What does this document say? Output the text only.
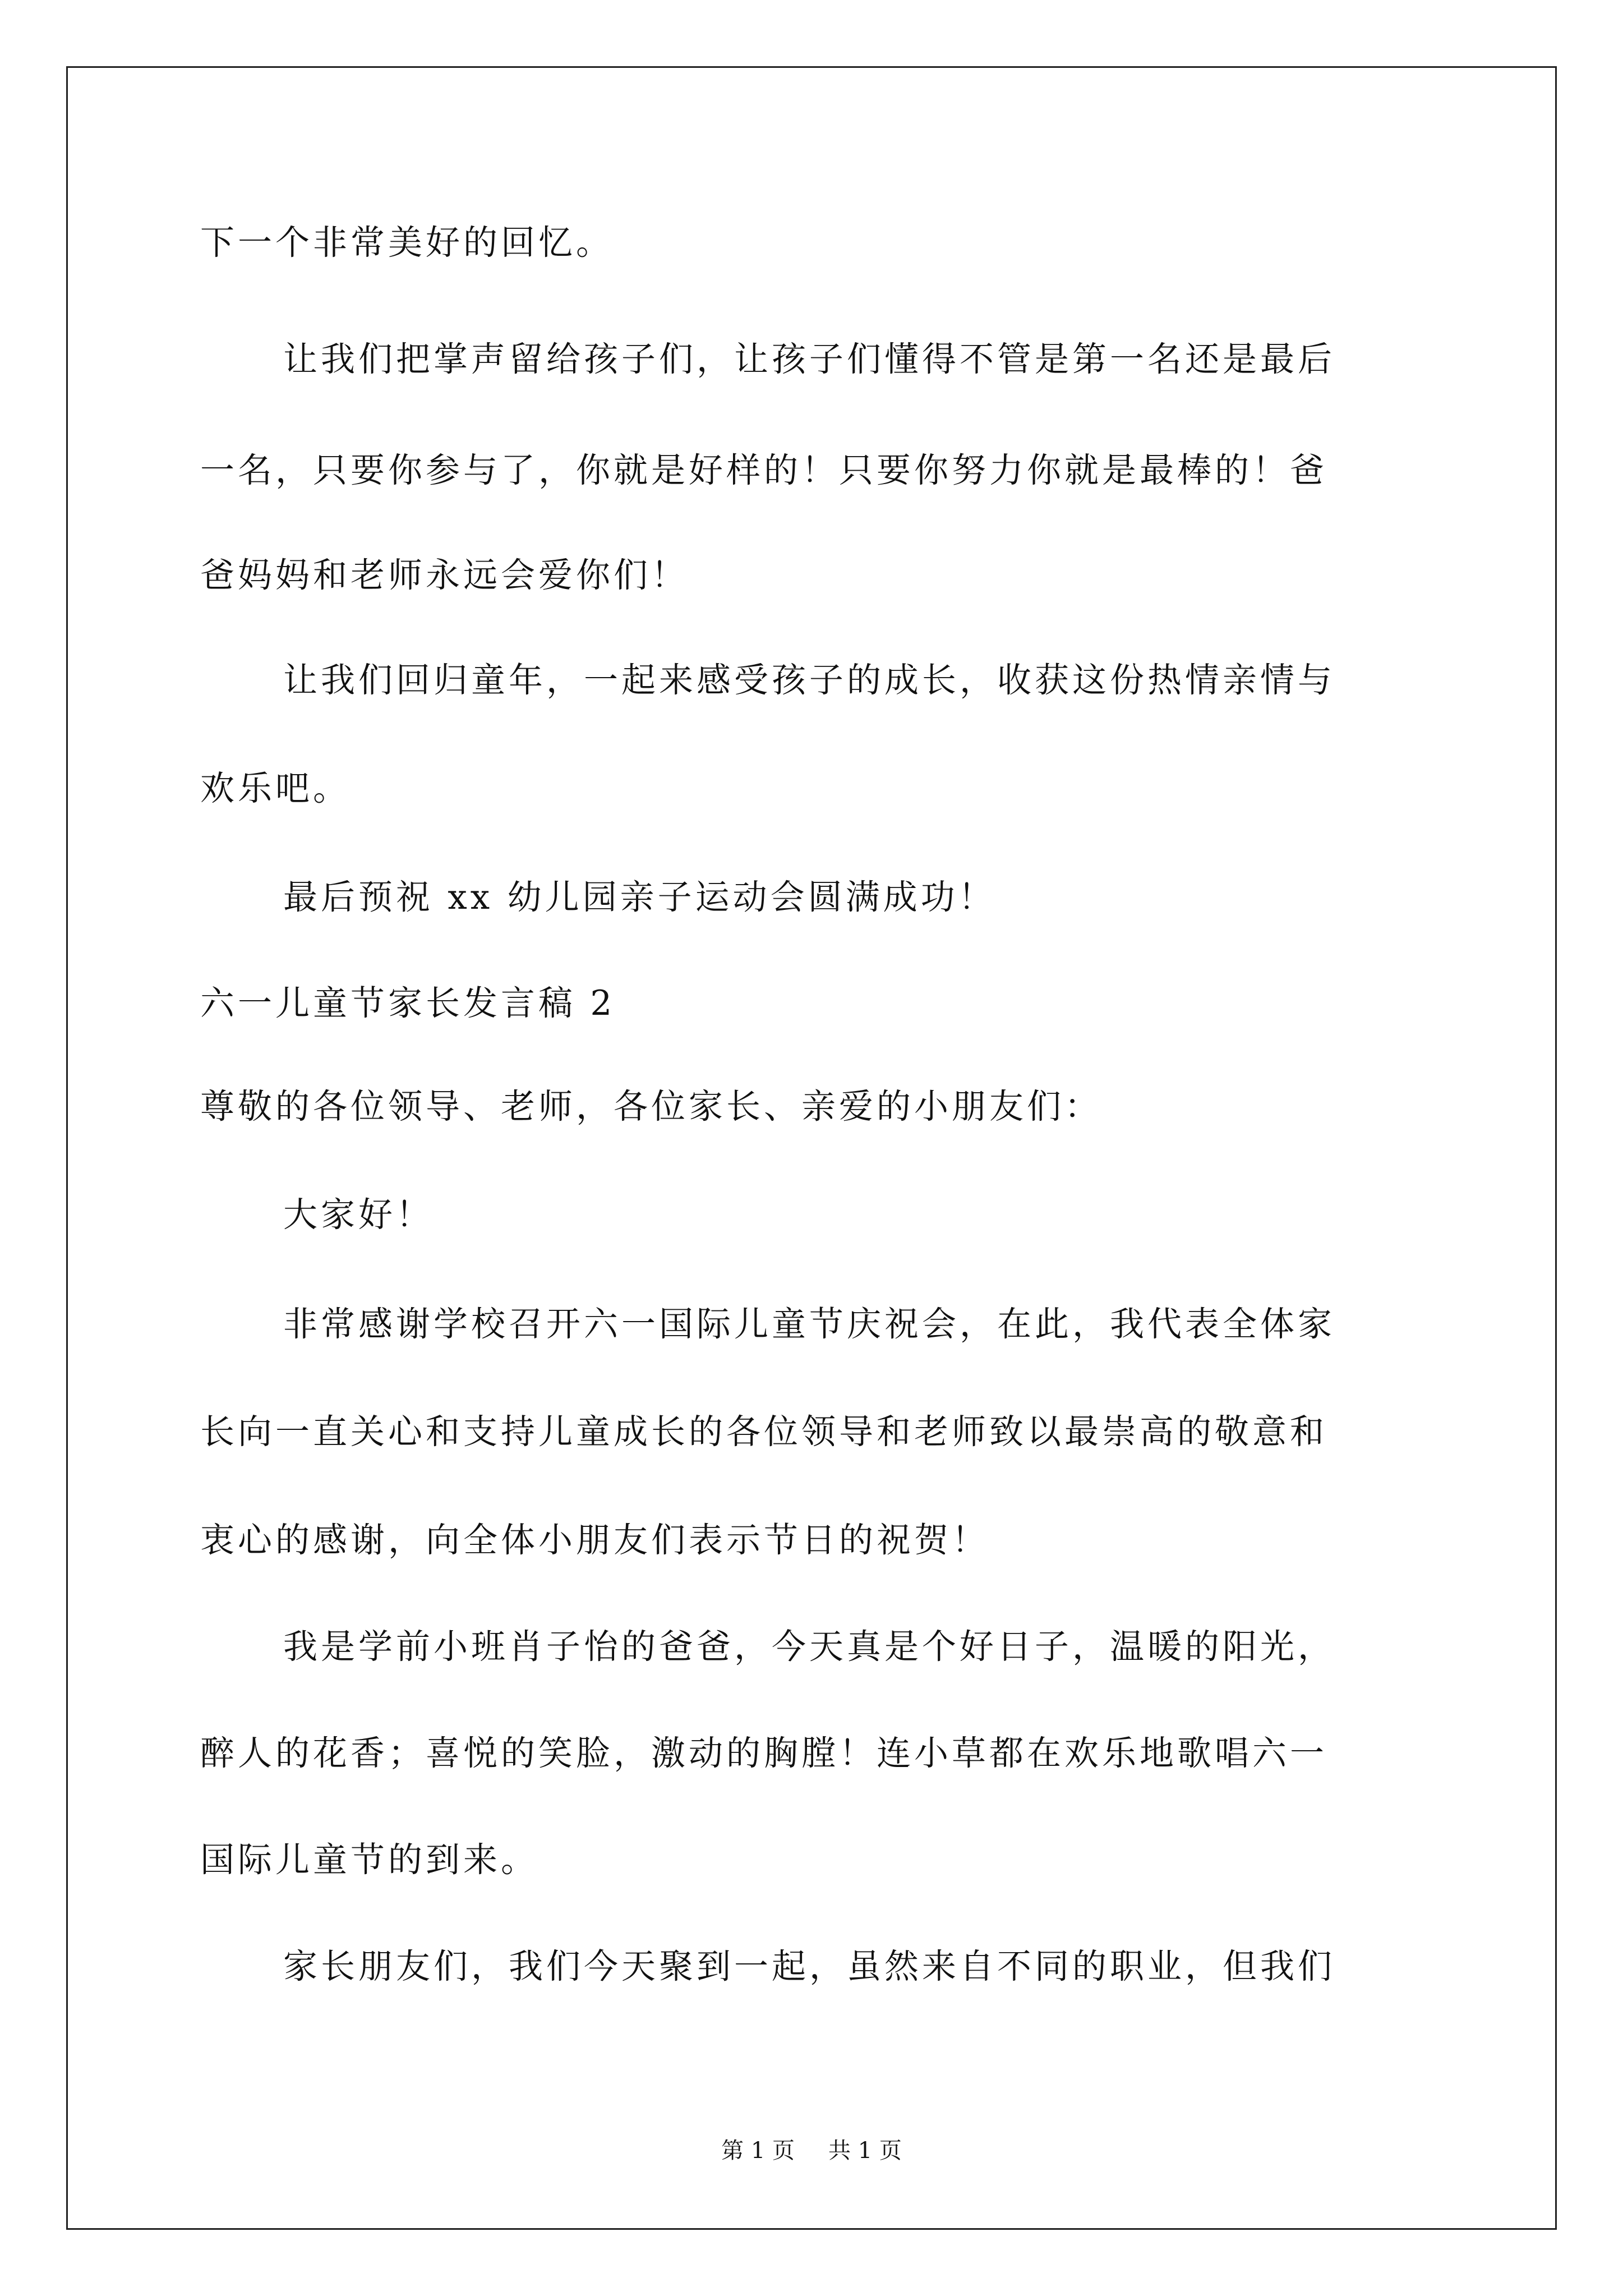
下一个非常美好的回忆。

让我们把掌声留给孩子们，让孩子们懂得不管是第一名还是最后

一名，只要你参与了，你就是好样的！只要你努力你就是最棒的！爸

爸妈妈和老师永远会爱你们！

让我们回归童年，一起来感受孩子的成长，收获这份热情亲情与

欢乐吧。

最后预祝 xx 幼儿园亲子运动会圆满成功！

六一儿童节家长发言稿 2

尊敬的各位领导、老师，各位家长、亲爱的小朋友们：

大家好！

非常感谢学校召开六一国际儿童节庆祝会，在此，我代表全体家

长向一直关心和支持儿童成长的各位领导和老师致以最崇高的敬意和

衷心的感谢，向全体小朋友们表示节日的祝贺！

我是学前小班肖子怡的爸爸，今天真是个好日子，温暖的阳光，

醉人的花香；喜悦的笑脸，激动的胸膛！连小草都在欢乐地歌唱六一

国际儿童节的到来。

家长朋友们，我们今天聚到一起，虽然来自不同的职业，但我们

第 1 页 共 1 页
